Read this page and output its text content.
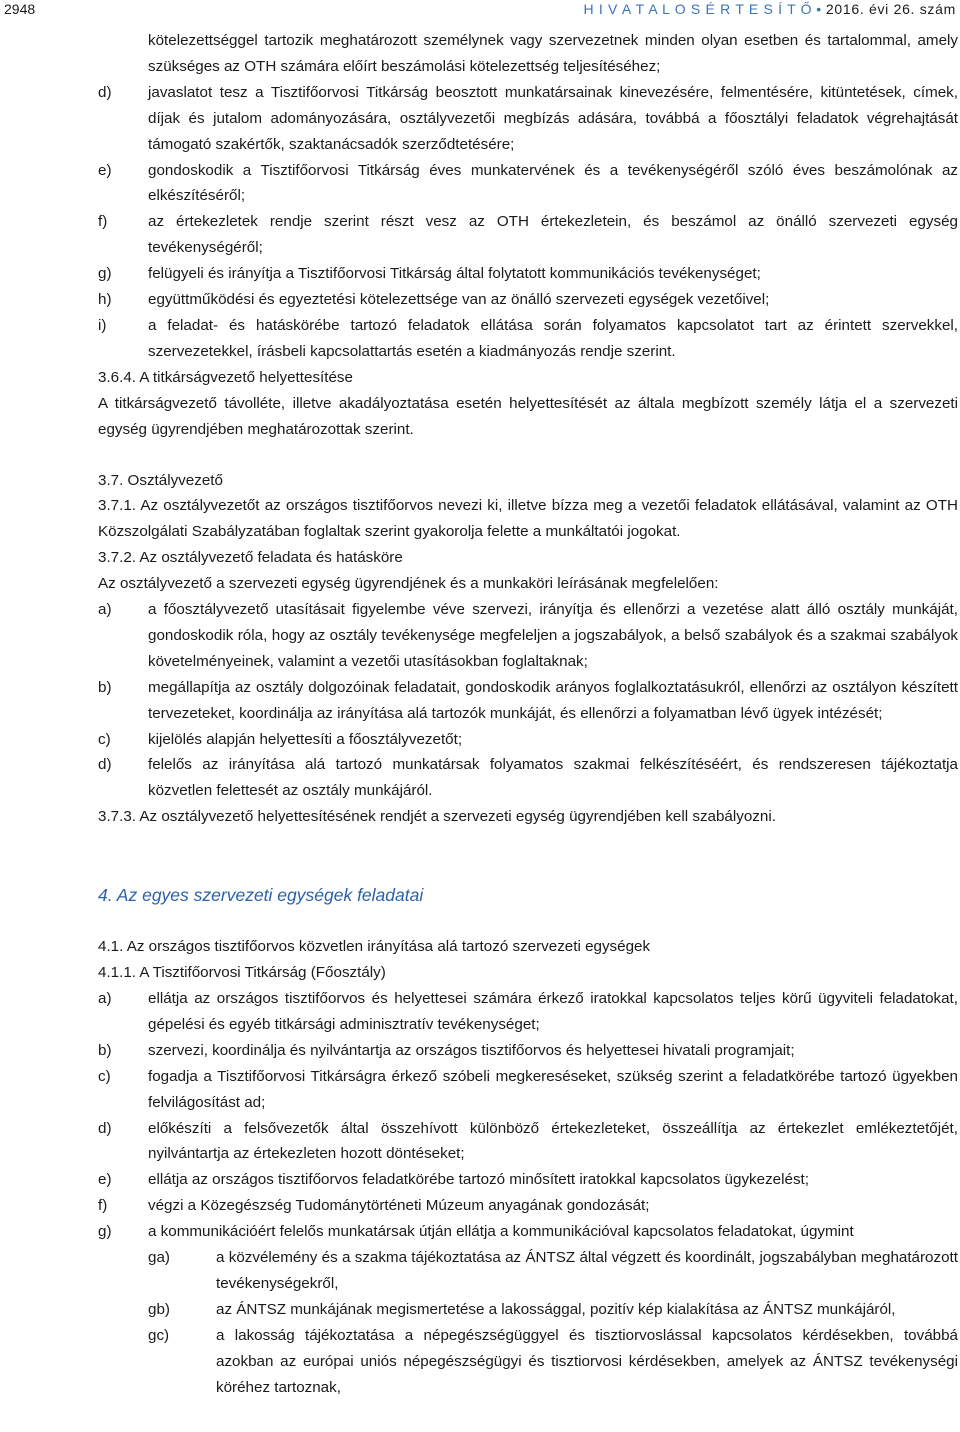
2948	H I V A T A L O S É R T E S Í T Ő • 2016. évi 26. szám
kötelezettséggel tartozik meghatározott személynek vagy szervezetnek minden olyan esetben és tartalommal, amely szükséges az OTH számára előírt beszámolási kötelezettség teljesítéséhez;
d)	javaslatot tesz a Tisztifőorvosi Titkárság beosztott munkatársainak kinevezésére, felmentésére, kitüntetések, címek, díjak és jutalom adományozására, osztályvezetői megbízás adására, továbbá a főosztályi feladatok végrehajtását támogató szakértők, szaktanácsadók szerződtetésére;
e)	gondoskodik a Tisztifőorvosi Titkárság éves munkatervének és a tevékenységéről szóló éves beszámolónak az elkészítéséről;
f)	az értekezletek rendje szerint részt vesz az OTH értekezletein, és beszámol az önálló szervezeti egység tevékenységéről;
g)	felügyeli és irányítja a Tisztifőorvosi Titkárság által folytatott kommunikációs tevékenységet;
h)	együttműködési és egyeztetési kötelezettsége van az önálló szervezeti egységek vezetőivel;
i)	a feladat- és hatáskörébe tartozó feladatok ellátása során folyamatos kapcsolatot tart az érintett szervekkel, szervezetekkel, írásbeli kapcsolattartás esetén a kiadmányozás rendje szerint.
3.6.4. A titkárságvezető helyettesítése
A titkárságvezető távolléte, illetve akadályoztatása esetén helyettesítését az általa megbízott személy látja el a szervezeti egység ügyrendjében meghatározottak szerint.
3.7. Osztályvezető
3.7.1. Az osztályvezetőt az országos tisztifőorvos nevezi ki, illetve bízza meg a vezetői feladatok ellátásával, valamint az OTH Közszolgálati Szabályzatában foglaltak szerint gyakorolja felette a munkáltatói jogokat.
3.7.2. Az osztályvezető feladata és hatásköre
Az osztályvezető a szervezeti egység ügyrendjének és a munkaköri leírásának megfelelően:
a)	a főosztályvezető utasításait figyelembe véve szervezi, irányítja és ellenőrzi a vezetése alatt álló osztály munkáját, gondoskodik róla, hogy az osztály tevékenysége megfeleljen a jogszabályok, a belső szabályok és a szakmai szabályok követelményeinek, valamint a vezetői utasításokban foglaltaknak;
b)	megállapítja az osztály dolgozóinak feladatait, gondoskodik arányos foglalkoztatásukról, ellenőrzi az osztályon készített tervezeteket, koordinálja az irányítása alá tartozók munkáját, és ellenőrzi a folyamatban lévő ügyek intézését;
c)	kijelölés alapján helyettesíti a főosztályvezetőt;
d)	felelős az irányítása alá tartozó munkatársak folyamatos szakmai felkészítéséért, és rendszeresen tájékoztatja közvetlen felettesét az osztály munkájáról.
3.7.3. Az osztályvezető helyettesítésének rendjét a szervezeti egység ügyrendjében kell szabályozni.
4. Az egyes szervezeti egységek feladatai
4.1. Az országos tisztifőorvos közvetlen irányítása alá tartozó szervezeti egységek
4.1.1. A Tisztifőorvosi Titkárság (Főosztály)
a)	ellátja az országos tisztifőorvos és helyettesei számára érkező iratokkal kapcsolatos teljes körű ügyviteli feladatokat, gépelési és egyéb titkársági adminisztratív tevékenységet;
b)	szervezi, koordinálja és nyilvántartja az országos tisztifőorvos és helyettesei hivatali programjait;
c)	fogadja a Tisztifőorvosi Titkárságra érkező szóbeli megkereséseket, szükség szerint a feladatkörébe tartozó ügyekben felvilágosítást ad;
d)	előkészíti a felsővezetők által összehívott különböző értekezleteket, összeállítja az értekezlet emlékeztetőjét, nyilvántartja az értekezleten hozott döntéseket;
e)	ellátja az országos tisztifőorvos feladatkörébe tartozó minősített iratokkal kapcsolatos ügykezelést;
f)	végzi a Közegészség Tudománytörténeti Múzeum anyagának gondozását;
g)	a kommunikációért felelős munkatársak útján ellátja a kommunikációval kapcsolatos feladatokat, úgymint
ga)	a közvélemény és a szakma tájékoztatása az ÁNTSZ által végzett és koordinált, jogszabályban meghatározott tevékenységekről,
gb)	az ÁNTSZ munkájának megismertetése a lakossággal, pozitív kép kialakítása az ÁNTSZ munkájáról,
gc)	a lakosság tájékoztatása a népegészségüggyel és tisztiorvoslással kapcsolatos kérdésekben, továbbá azokban az európai uniós népegészségügyi és tisztiorvosi kérdésekben, amelyek az ÁNTSZ tevékenységi köréhez tartoznak,
